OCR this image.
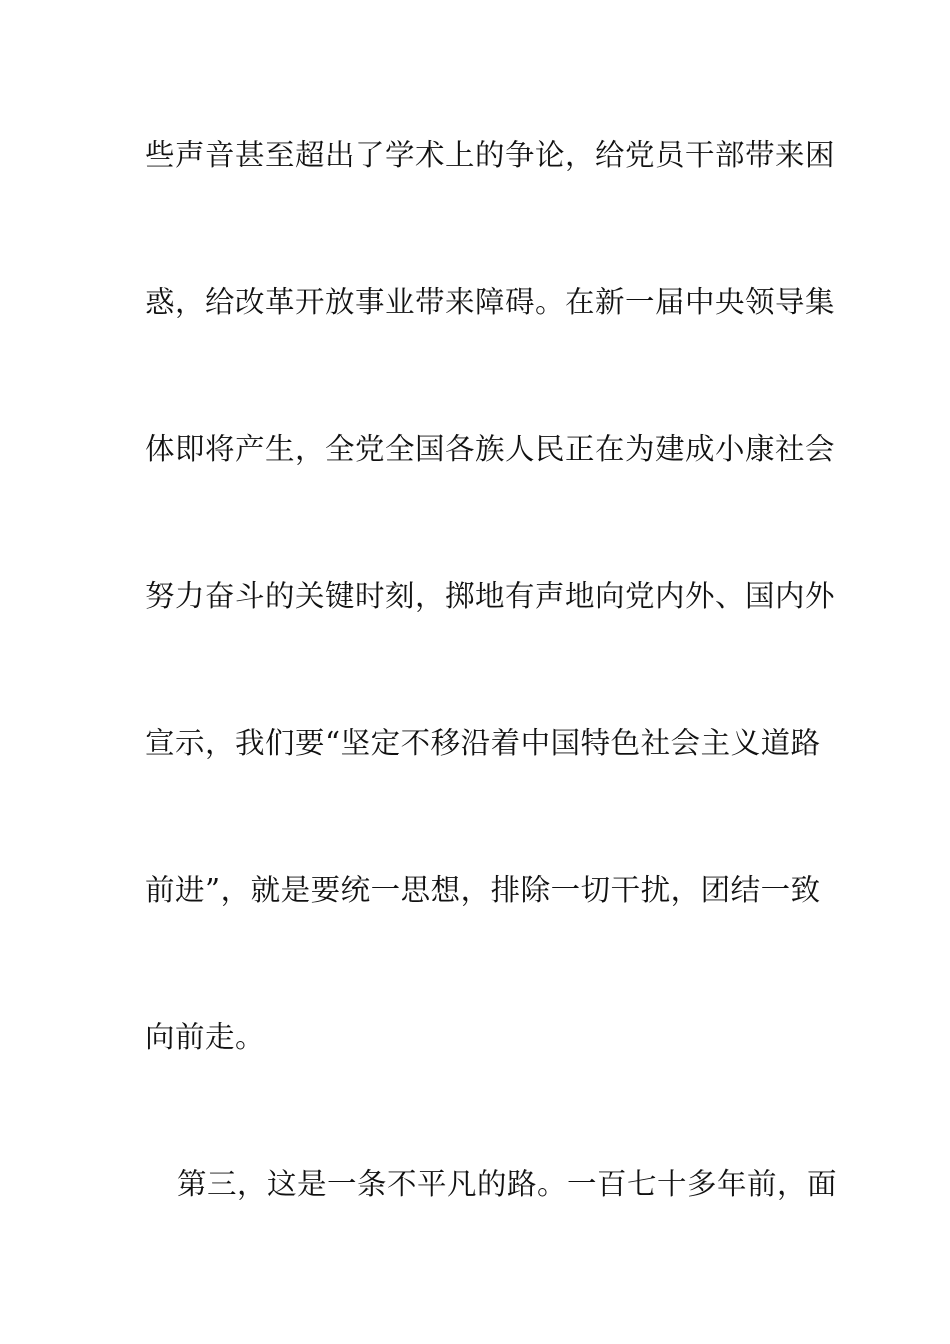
些声音甚至超出了学术上的争论，给党员干部带来困
惑，给改革开放事业带来障碍。在新一届中央领导集
体即将产生，全党全国各族人民正在为建成小康社会
努力奋斗的关键时刻，掷地有声地向党内外、国内外
宣示，我们要“坚定不移沿着中国特色社会主义道路
前进”，就是要统一思想，排除一切干扰，团结一致
向前走。
第三，这是一条不平凡的路。一百七十多年前，面
